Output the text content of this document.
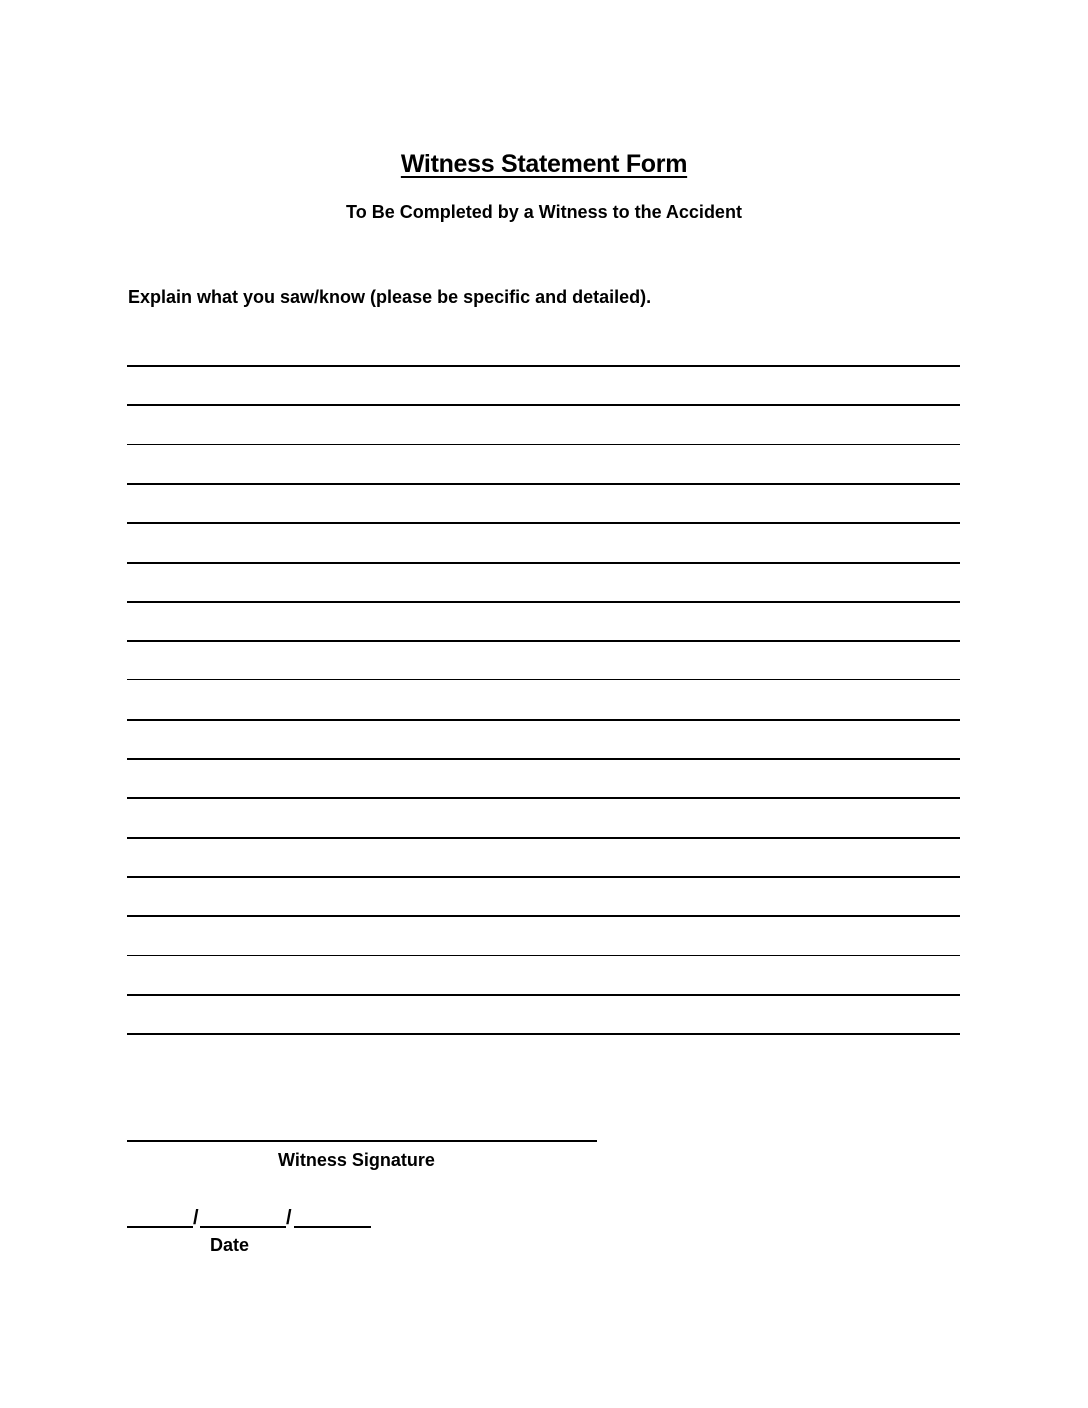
Witness Statement Form
To Be Completed by a Witness to the Accident
Explain what you saw/know (please be specific and detailed).
Witness Signature
/	/
Date
